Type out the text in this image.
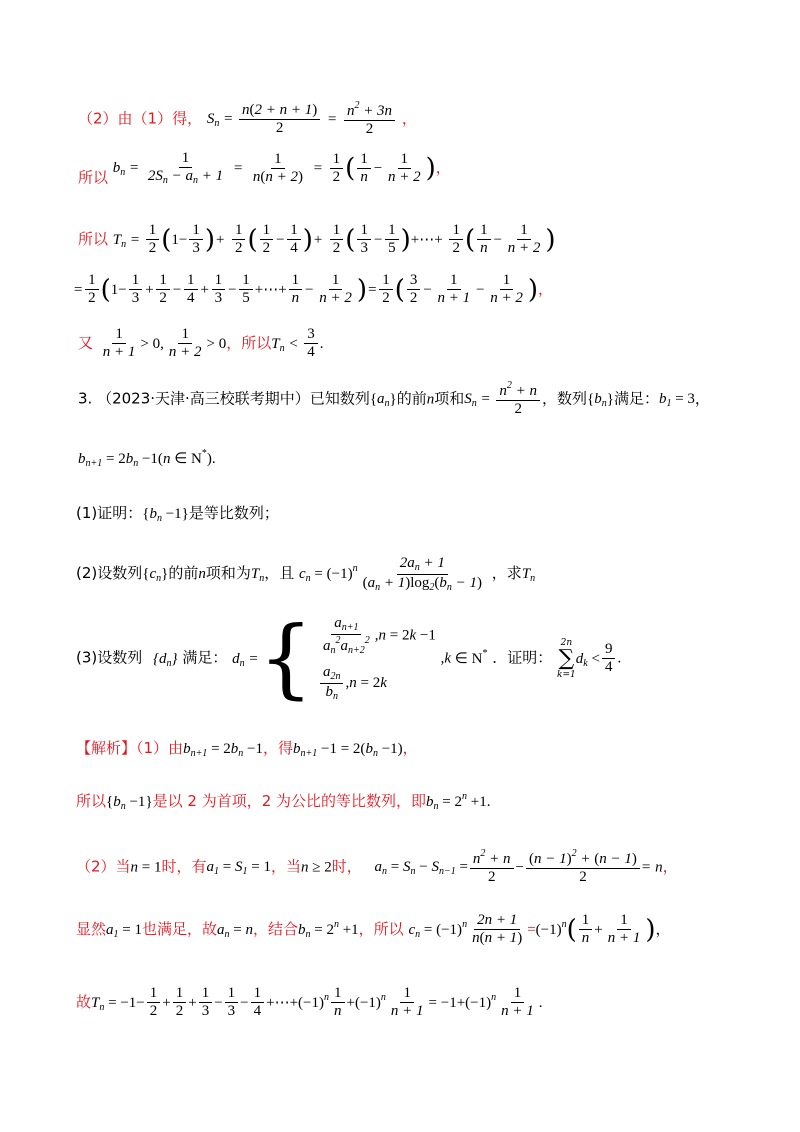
（2）由（1）得， $S_n = \frac{n(2 + n + 1)}{2} = \frac{n^2 + 3n}{2}$ ，
所以 $b_n = \frac{1}{2S_n - a_n + 1} = \frac{1}{n(n + 2)} = \frac{1}{2}$ ( $\frac{1}{n} - \frac{1}{n + 2}$ )，
所以 $T_n = \frac{1}{2} (1- \frac{1}{3}$ )+ $\frac{1}{2}$ ( $\frac{1}{2} - \frac{1}{4}$ )+ $\frac{1}{2}$ ( $\frac{1}{3} - \frac{1}{5}$ )+⋯+ $\frac{1}{2}$ ( $\frac{1}{n} - \frac{1}{n + 2}$ )
= $\frac{1}{2} (1- \frac{1}{3} + \frac{1}{2} - \frac{1}{4} + \frac{1}{3} - \frac{1}{5}$ +⋯+ $\frac{1}{n} - \frac{1}{n + 2}$ )= $\frac{1}{2}$ ( $\frac{3}{2} - \frac{1}{n + 1} - \frac{1}{n + 2}$ )，
又 $\frac{1}{n + 1} > 0$, $\frac{1}{n + 2} > 0$，所以$T_n < \frac{3}{4}$ .
3. （2023·天津·高三校联考期中）已知数列$\{a_n\}$的前n项和$S_n = \frac{n^2 + n}{2}$ ，数列$\{b_n\}$满足：$b_1 = 3$，
$b_{n+1} = 2b_n -1(n$ ∈ N*).
(1)证明：$\{b_n -1\}$是等比数列；
(2)设数列$\{c_n\}$的前n项和为$T_n$，且 $c_n = (-1)^n \frac{2a_n + 1}{(a_n + 1)\log_2(b_n - 1)}$ ，求$T_n$
(3)设数列 $\{d_n\}$ 满足： $d_n$ ={ $\frac{a_{n+1}}{a_n^2a_{n+2}^2} ,n = 2k -1$
$\frac{a_{2n}}{b_n} ,n = 2k$
,k ∈ N* ．证明：
2n
∑
k=1
$d_k < \frac{9}{4}$ .
【解析】（1）由$b_{n+1} = 2b_n -1$，得$b_{n+1} -1 = 2(b_n -1)$，
所以$\{b_n -1\}$是以 2 为首项，2 为公比的等比数列，即$b_n = 2^n +1$.
（2）当n = 1时，有$a_1 = S_1 = 1$，当n ≥ 2时， $a_n = S_n - S_{n-1} = \frac{n^2 + n}{2} - \frac{(n - 1)^2 + (n - 1)}{2} = n$，
显然$a_1 = 1$也满足，故$a_n = n$，结合$b_n = 2^n +1$，所以 $c_n = (-1)^n \frac{2n + 1}{n(n + 1)} =(-1)^n( \frac{1}{n} + \frac{1}{n + 1}$ )，
故$T_n = -1- \frac{1}{2} + \frac{1}{2} + \frac{1}{3} - \frac{1}{3} - \frac{1}{4}$ $+\cdots+(-1)^n \frac{1}{n} +(-1)^n \frac{1}{n + 1} = -1+(-1)^n \frac{1}{n + 1}$ .
